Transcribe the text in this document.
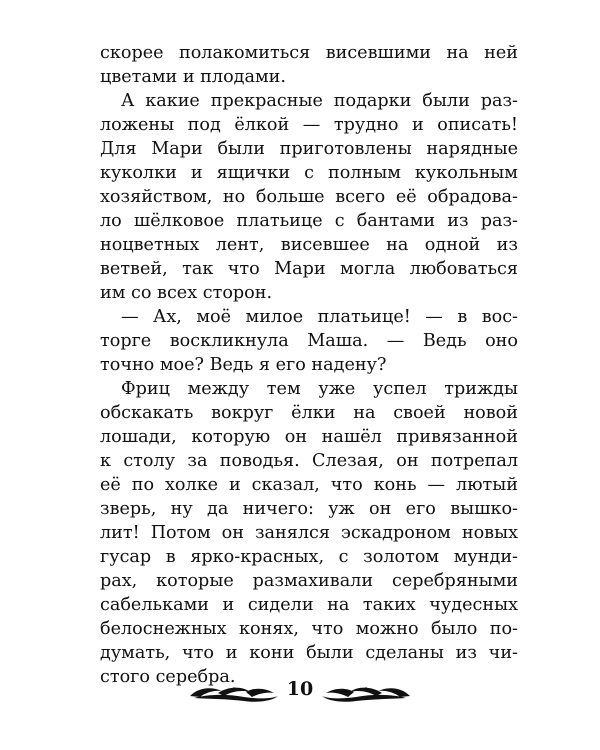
скорее полакомиться висевшими на ней
цветами и плодами.

А какие прекрасные подарки были раз-
ложены под ёлкой — трудно и описать!
Для Мари были приготовлены нарядные
куколки и ящички с полным кукольным
хозяйством, но больше всего её обрадова-
ло шёлковое платьице с бантами из раз-
ноцветных лент, висевшее на одной из
ветвей, так что Мари могла любоваться
им со всех сторон.

— Ах, моё милое платьице! — в вос-
торге воскликнула Маша. — Ведь оно
точно мое? Ведь я его надену?

Фриц между тем уже успел трижды
обскакать вокруг ёлки на своей новой
лошади, которую он нашёл привязанной
к столу за поводья. Слезая, он потрепал
её по холке и сказал, что конь — лютый
зверь, ну да ничего: уж он его вышко-
лит! Потом он занялся эскадроном новых
гусар в ярко-красных, с золотом мунди-
рах, которые размахивали серебряными
сабельками и сидели на таких чудесных
белоснежных конях, что можно было по-
думать, что и кони были сделаны из чи-
стого серебра.

10
